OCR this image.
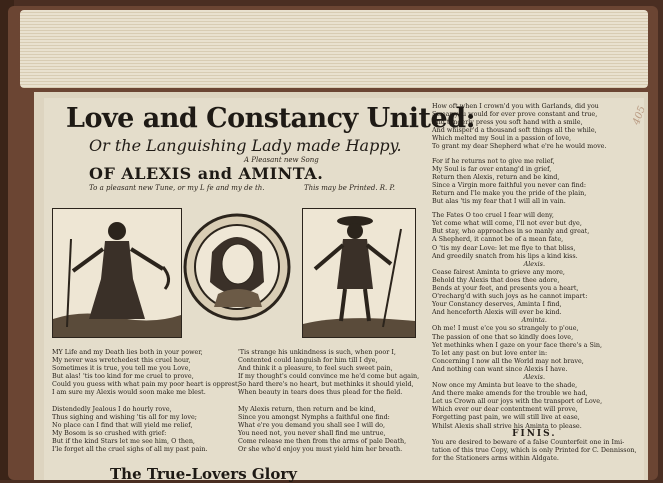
Love and Constancy United:
Or the Languishing Lady made Happy.
A Pleasant new Song
OF ALEXIS and AMINTA.
To a pleasant new Tune, or my L fe and my de th.	This may be Printed. R. P.
MY Life and my Death lies both in your power,
My never was wretchedest this cruel hour,
Sometimes it is true, you tell me you Love,
But alas! 'tis too kind for me cruel to prove,
Could you guess with what pain my poor heart is opprest,
I am sure my Alexis would soon make me blest.
Distendedly Jealous I do hourly rove,
Thus sighing and wishing 'tis all for my love;
No place can I find that will yield me relief,
My Bosom is so crushed with grief:
But if the kind Stars let me see him, O then,
I'le forget all the cruel sighs of all my past pain.
'Tis strange his unkindness is such, when poor I,
Contented could languish for him till I dye,
And think it a pleasure, to feel such sweet pain,
If my thought's could convince me he'd come but again,
So hard there's no heart, but methinks it should yield,
When beauty in tears does thus plead for the field.
My Alexis return, then return and be kind,
Since you amongst Nymphs a faithful one find:
What e're you demand you shall see I will do,
You need not, you never shall find me untrue,
Come release me then from the arms of pale Death,
Or she who'd enjoy you must yield him her breath.
How oft when I crown'd you with Garlands, did you
Swear you would for ever prove constant and true,
And tenderly press you soft hand with a smile,
And whisper'd a thousand soft things all the while,
Which melted my Soul in a passion of love,
To grant my dear Shepherd what e're he would move.
For if he returns not to give me relief,
My Soul is far over entang'd in grief,
Return then Alexis, return and be kind,
Since a Virgin more faithful you never can find:
Return and I'le make you the pride of the plain,
But alas 'tis my fear that I will all in vain.
The Fates O too cruel I fear will deny,
Yet come what will come, I'll not ever but dye,
But stay, who approaches in so manly and great,
A Shepherd, it cannot be of a mean fate,
O 'tis my dear Love: let me flye to that bliss,
And greedily snatch from his lips a kind kiss.
Alexis.
Cease fairest Aminta to grieve any more,
Behold thy Alexis that does thee adore,
Bends at your feet, and presents you a heart,
O'recharg'd with such joys as he cannot impart:
Your Constancy deserves, Aminta I find,
And henceforth Alexis will ever be kind.
Aminta.
Oh me! I must e'ce you so strangely to p'oue,
The passion of one that so kindly does love,
Yet methinks when I gaze on your face there's a Sin,
To let any past on but love enter in:
Concerning I now all the World may not brave,
And nothing can want since Alexis I have.
Alexis.
Now once my Aminta but leave to the shade,
And there make amends for the trouble we had,
Let us Crown all our joys with the transport of Love,
Which ever our dear contentment will prove,
Forgetting past pain, we will still live at ease,
Whilst Alexis shall strive his Aminta to please.
FINIS.
You are desired to beware of a false Counterfeit one in Imi-
tation of this true Copy, which is only Printed for C. Dennisson,
for the Stationers arms within Aldgate.
405
The True-Lovers Glory
